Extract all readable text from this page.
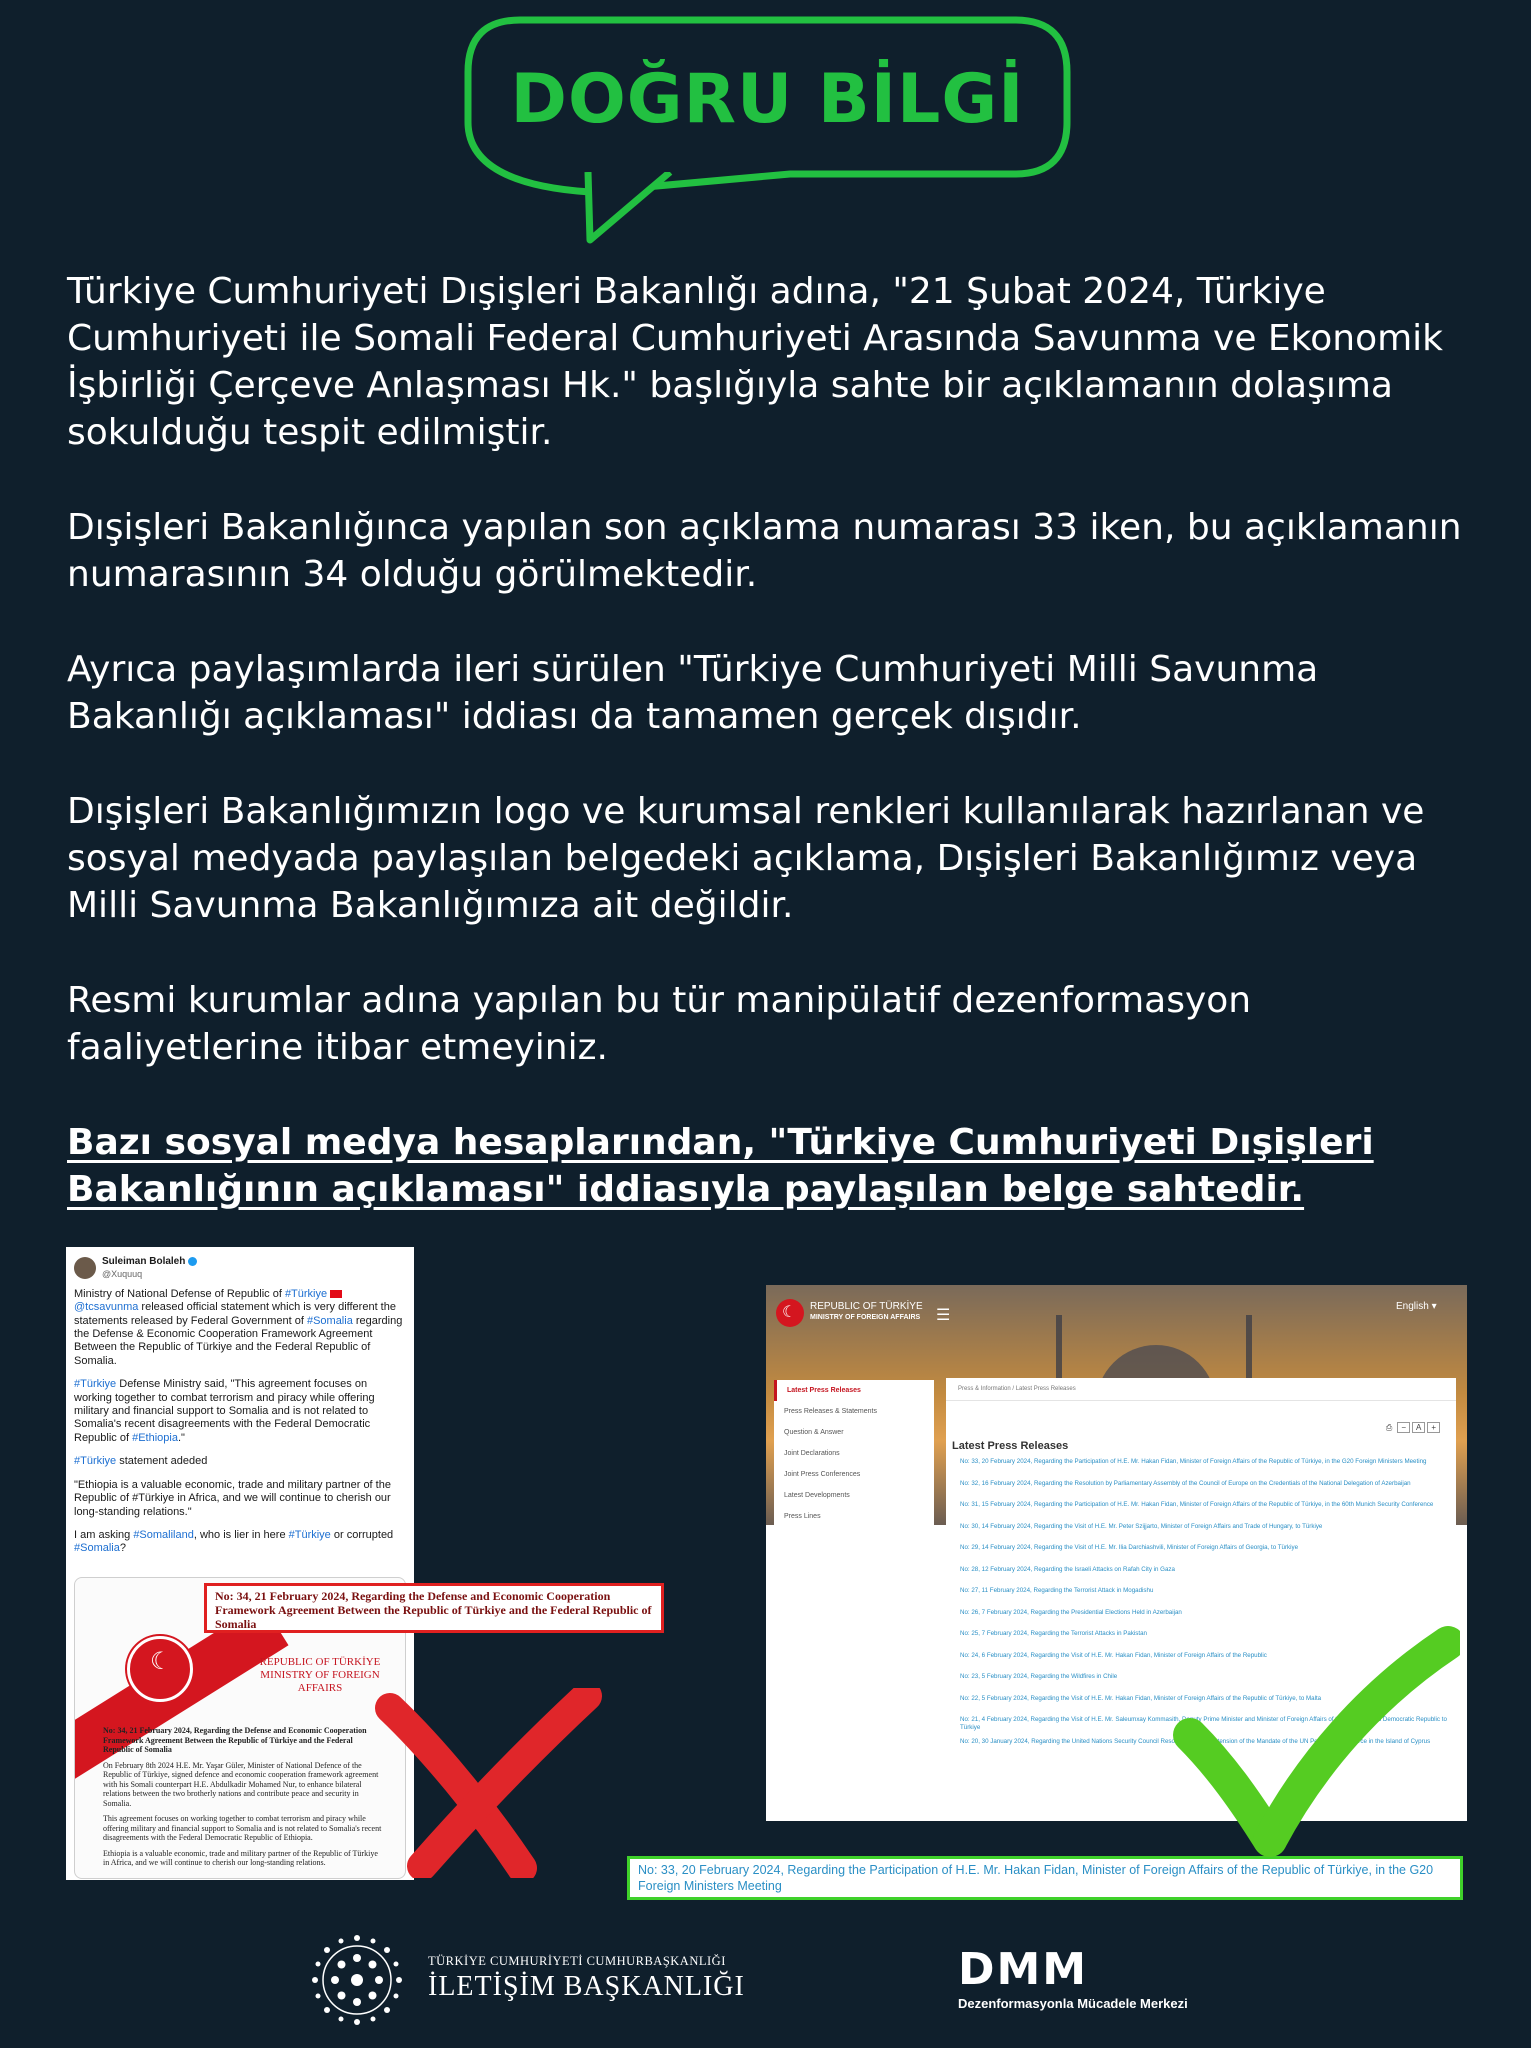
DOĞRU BİLGİ

Türkiye Cumhuriyeti Dışişleri Bakanlığı adına, "21 Şubat 2024, Türkiye Cumhuriyeti ile Somali Federal Cumhuriyeti Arasında Savunma ve Ekonomik İşbirliği Çerçeve Anlaşması Hk." başlığıyla sahte bir açıklamanın dolaşıma sokulduğu tespit edilmiştir.

Dışişleri Bakanlığınca yapılan son açıklama numarası 33 iken, bu açıklamanın numarasının 34 olduğu görülmektedir.

Ayrıca paylaşımlarda ileri sürülen "Türkiye Cumhuriyeti Milli Savunma Bakanlığı açıklaması" iddiası da tamamen gerçek dışıdır.

Dışişleri Bakanlığımızın logo ve kurumsal renkleri kullanılarak hazırlanan ve sosyal medyada paylaşılan belgedeki açıklama, Dışişleri Bakanlığımız veya Milli Savunma Bakanlığımıza ait değildir.

Resmi kurumlar adına yapılan bu tür manipülatif dezenformasyon faaliyetlerine itibar etmeyiniz.

Bazı sosyal medya hesaplarından, "Türkiye Cumhuriyeti Dışişleri Bakanlığının açıklaması" iddiasıyla paylaşılan belge sahtedir.

Suleiman Bolaleh
@Xuquuq

Ministry of National Defense of Republic of #Türkiye  @tcsavunma released official statement which is very different the statements released by Federal Government of #Somalia regarding the Defense & Economic Cooperation Framework Agreement Between the Republic of Türkiye and the Federal Republic of Somalia.

#Türkiye Defense Ministry said, "This agreement focuses on working together to combat terrorism and piracy while offering military and financial support to Somalia and is not related to Somalia's recent disagreements with the Federal Democratic Republic of #Ethiopia."

#Türkiye statement adeded

"Ethiopia is a valuable economic, trade and military partner of the Republic of #Türkiye in Africa, and we will continue to cherish our long-standing relations."

I am asking #Somaliland, who is lier in here #Türkiye or corrupted #Somalia?

☾	REPUBLIC OF TÜRKİYE
MINISTRY OF FOREIGN AFFAIRS

No: 34, 21 February 2024, Regarding the Defense and Economic Cooperation Framework Agreement Between the Republic of Türkiye and the Federal Republic of Somalia

On February 8th 2024 H.E. Mr. Yaşar Güler, Minister of National Defence of the Republic of Türkiye, signed defence and economic cooperation framework agreement with his Somali counterpart H.E. Abdulkadir Mohamed Nur, to enhance bilateral relations between the two brotherly nations and contribute peace and security in Somalia.

This agreement focuses on working together to combat terrorism and piracy while offering military and financial support to Somalia and is not related to Somalia's recent disagreements with the Federal Democratic Republic of Ethiopia.

Ethiopia is a valuable economic, trade and military partner of the Republic of Türkiye in Africa, and we will continue to cherish our long-standing relations.

No: 34, 21 February 2024, Regarding the Defense and Economic Cooperation Framework Agreement Between the Republic of Türkiye and the Federal Republic of Somalia
☾ REPUBLIC OF TÜRKİYE
MINISTRY OF FOREIGN AFFAIRS ☰
English ▾
Latest Press Releases
Press Releases & Statements
Question & Answer
Joint Declarations
Joint Press Conferences
Latest Developments
Press Lines
Press & Information / Latest Press Releases
⎙ − A +
Latest Press Releases
No: 33, 20 February 2024, Regarding the Participation of H.E. Mr. Hakan Fidan, Minister of Foreign Affairs of the Republic of Türkiye, in the G20 Foreign Ministers Meeting
No: 32, 16 February 2024, Regarding the Resolution by Parliamentary Assembly of the Council of Europe on the Credentials of the National Delegation of Azerbaijan
No: 31, 15 February 2024, Regarding the Participation of H.E. Mr. Hakan Fidan, Minister of Foreign Affairs of the Republic of Türkiye, in the 60th Munich Security Conference
No: 30, 14 February 2024, Regarding the Visit of H.E. Mr. Peter Szijjarto, Minister of Foreign Affairs and Trade of Hungary, to Türkiye
No: 29, 14 February 2024, Regarding the Visit of H.E. Mr. Ilia Darchiashvili, Minister of Foreign Affairs of Georgia, to Türkiye
No: 28, 12 February 2024, Regarding the Israeli Attacks on Rafah City in Gaza
No: 27, 11 February 2024, Regarding the Terrorist Attack in Mogadishu
No: 26, 7 February 2024, Regarding the Presidential Elections Held in Azerbaijan
No: 25, 7 February 2024, Regarding the Terrorist Attacks in Pakistan
No: 24, 6 February 2024, Regarding the Visit of H.E. Mr. Hakan Fidan, Minister of Foreign Affairs of the Republic
No: 23, 5 February 2024, Regarding the Wildfires in Chile
No: 22, 5 February 2024, Regarding the Visit of H.E. Mr. Hakan Fidan, Minister of Foreign Affairs of the Republic of Türkiye, to Malta
No: 21, 4 February 2024, Regarding the Visit of H.E. Mr. Saleumxay Kommasith, Deputy Prime Minister and Minister of Foreign Affairs of the Lao People's Democratic Republic to Türkiye
No: 20, 30 January 2024, Regarding the United Nations Security Council Resolution on the Extension of the Mandate of the UN Peacekeeping Force in the Island of Cyprus
No: 33, 20 February 2024, Regarding the Participation of H.E. Mr. Hakan Fidan, Minister of Foreign Affairs of the Republic of Türkiye, in the G20 Foreign Ministers Meeting
TÜRKİYE CUMHURİYETİ CUMHURBAŞKANLIĞI
İLETİŞİM BAŞKANLIĞI	DMM
Dezenformasyonla Mücadele Merkezi
